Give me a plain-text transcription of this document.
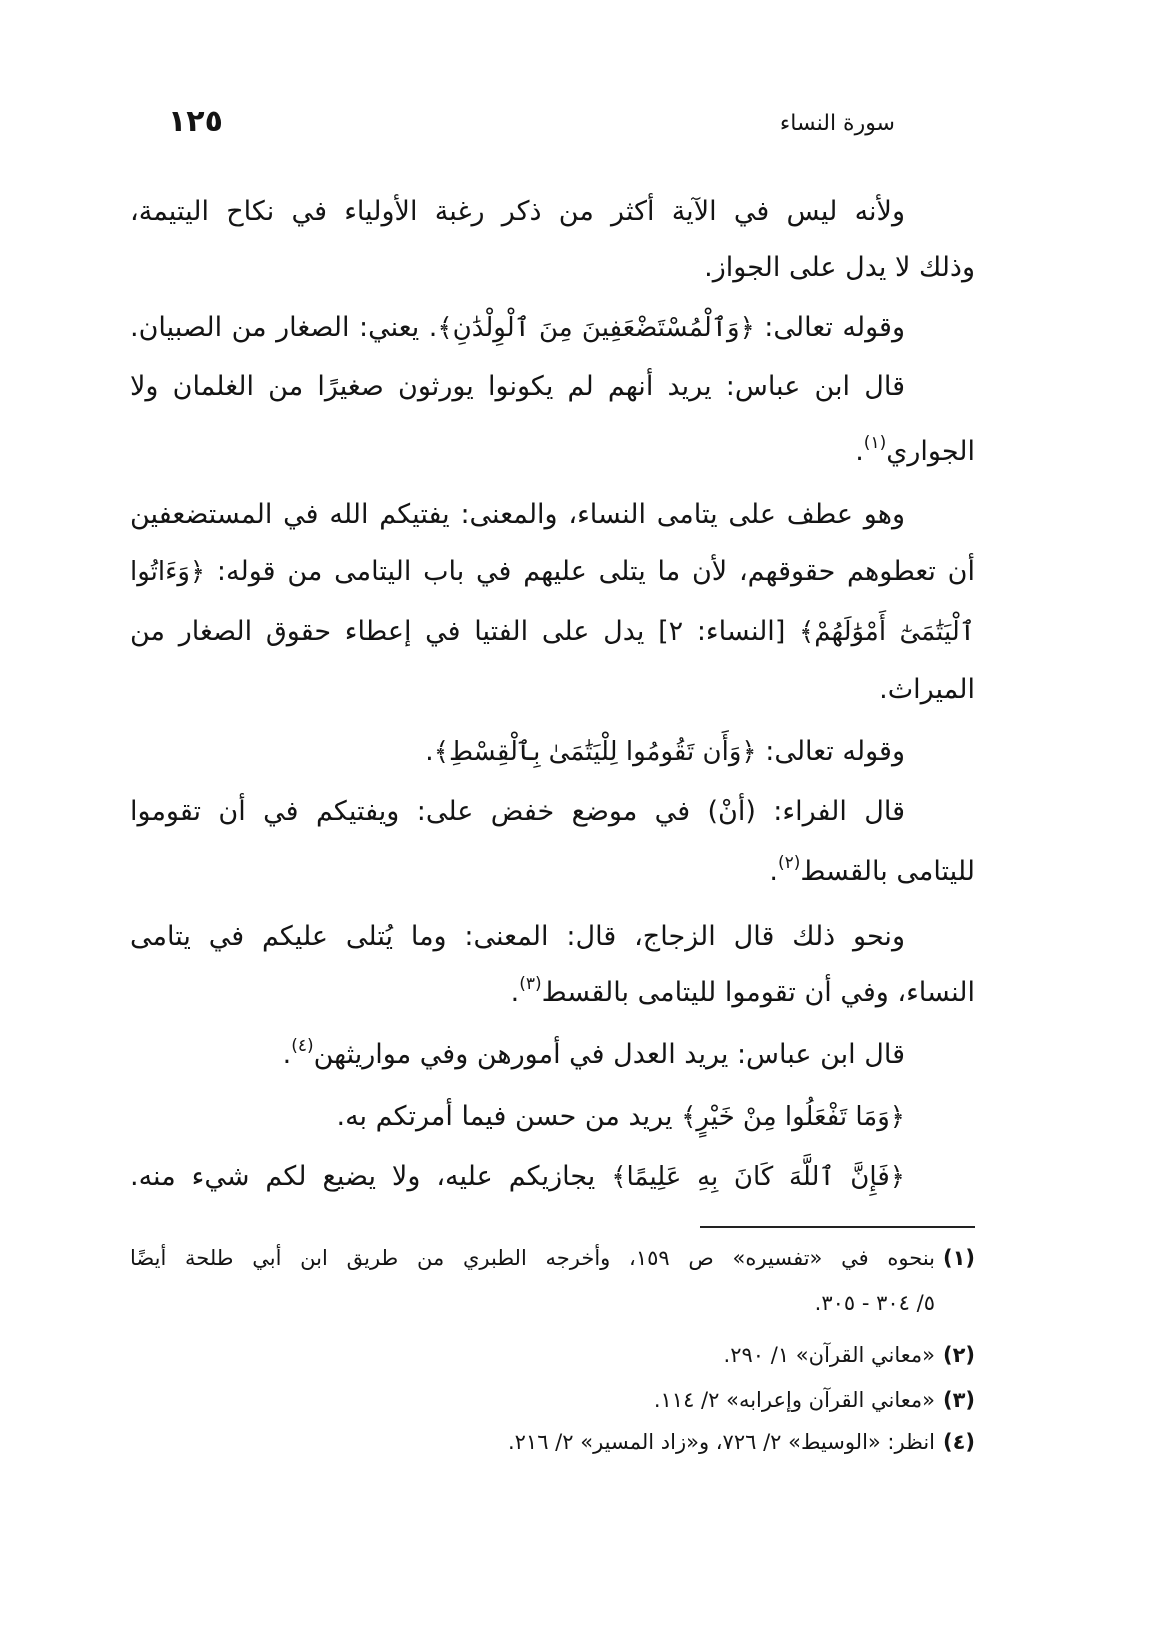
سورة النساء
١٢٥
ولأنه ليس في الآية أكثر من ذكر رغبة الأولياء في نكاح اليتيمة،
وذلك لا يدل على الجواز.
وقوله تعالى: ﴿وَٱلْمُسْتَضْعَفِينَ مِنَ ٱلْوِلْدَٰنِ﴾. يعني: الصغار من الصبيان.
قال ابن عباس: يريد أنهم لم يكونوا يورثون صغيرًا من الغلمان ولا
الجواري$^{(١)}$.
وهو عطف على يتامى النساء، والمعنى: يفتيكم الله في المستضعفين
أن تعطوهم حقوقهم، لأن ما يتلى عليهم في باب اليتامى من قوله: ﴿وَءَاتُوا
ٱلْيَتَٰمَىٰٓ أَمْوَٰلَهُمْ﴾ [النساء: ٢] يدل على الفتيا في إعطاء حقوق الصغار من
الميراث.
وقوله تعالى: ﴿وَأَن تَقُومُوا لِلْيَتَٰمَىٰ بِٱلْقِسْطِ﴾.
قال الفراء: (أنْ) في موضع خفض على: ويفتيكم في أن تقوموا
لليتامى بالقسط$^{(٢)}$.
ونحو ذلك قال الزجاج، قال: المعنى: وما يُتلى عليكم في يتامى
النساء، وفي أن تقوموا لليتامى بالقسط$^{(٣)}$.
قال ابن عباس: يريد العدل في أمورهن وفي مواريثهن$^{(٤)}$.
﴿وَمَا تَفْعَلُوا مِنْ خَيْرٍ﴾ يريد من حسن فيما أمرتكم به.
﴿فَإِنَّ ٱللَّهَ كَانَ بِهِ عَلِيمًا﴾ يجازيكم عليه، ولا يضيع لكم شيء منه.
(١)
بنحوه في «تفسيره» ص ١٥٩، وأخرجه الطبري من طريق ابن أبي طلحة أيضًا
٥/ ٣٠٤ - ٣٠٥.
(٢)
«معاني القرآن» ١/ ٢٩٠.
(٣)
«معاني القرآن وإعرابه» ٢/ ١١٤.
(٤)
انظر: «الوسيط» ٢/ ٧٢٦، و«زاد المسير» ٢/ ٢١٦.
